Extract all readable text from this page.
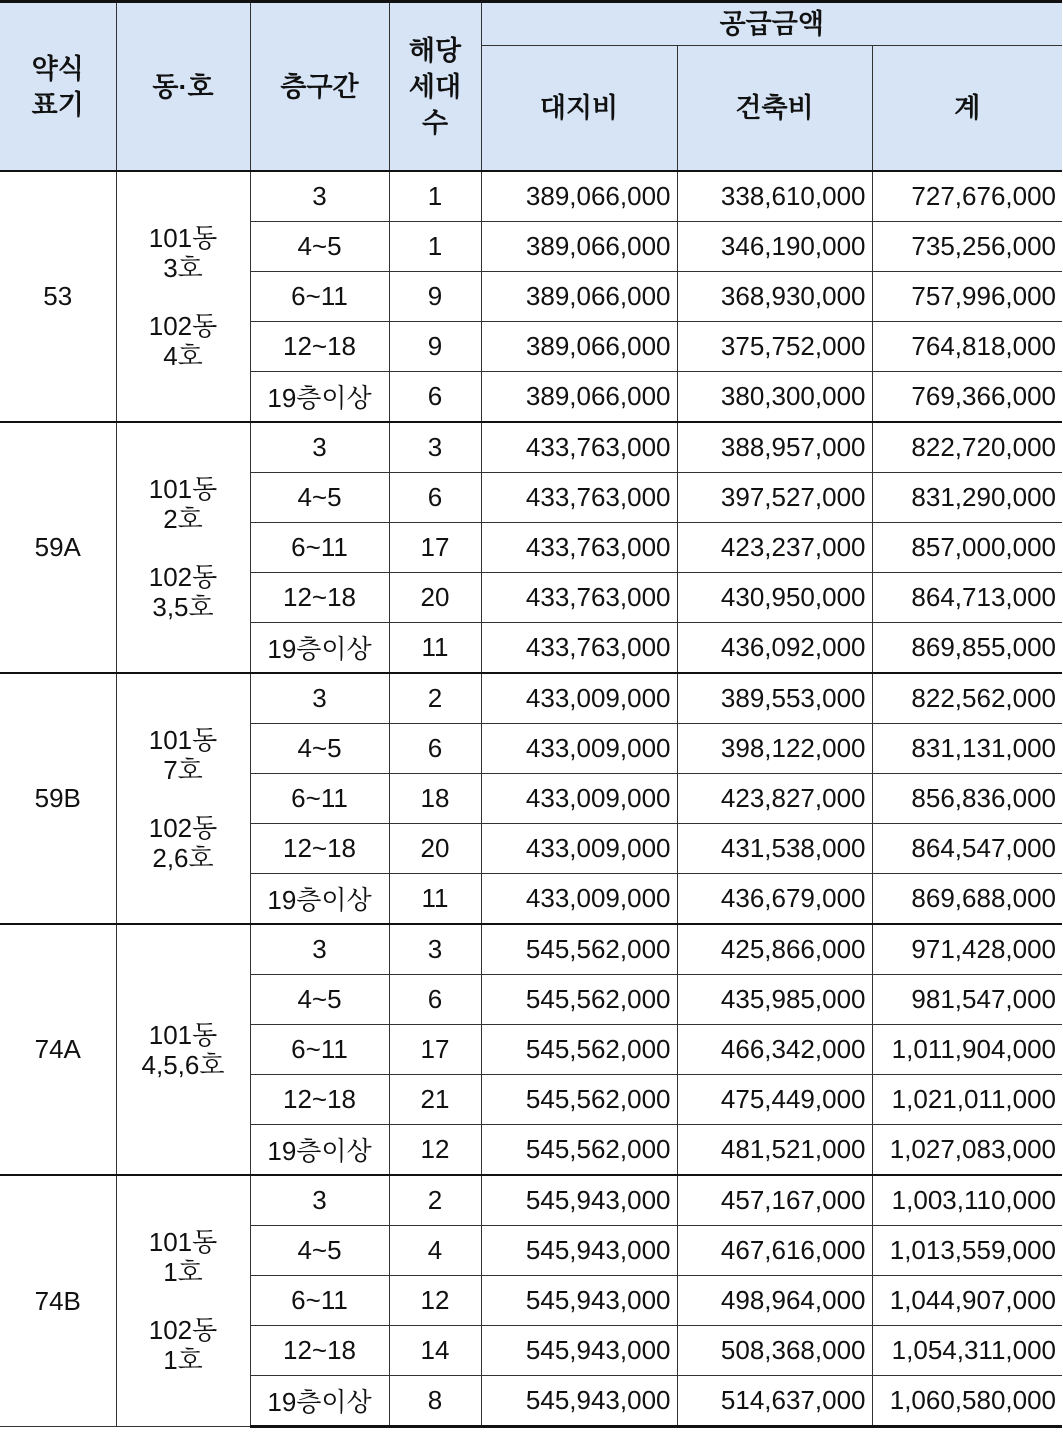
약식
표기	동·호	층구간	해당
세대
수	공급금액		
				대지비	건축비	계
53	101동
3호
102동
4호	3	1	389,066,000	338,610,000	727,676,000
		4~5	1	389,066,000	346,190,000	735,256,000
		6~11	9	389,066,000	368,930,000	757,996,000
		12~18	9	389,066,000	375,752,000	764,818,000
		19층이상	6	389,066,000	380,300,000	769,366,000
59A	101동
2호
102동
3,5호	3	3	433,763,000	388,957,000	822,720,000
		4~5	6	433,763,000	397,527,000	831,290,000
		6~11	17	433,763,000	423,237,000	857,000,000
		12~18	20	433,763,000	430,950,000	864,713,000
		19층이상	11	433,763,000	436,092,000	869,855,000
59B	101동
7호
102동
2,6호	3	2	433,009,000	389,553,000	822,562,000
		4~5	6	433,009,000	398,122,000	831,131,000
		6~11	18	433,009,000	423,827,000	856,836,000
		12~18	20	433,009,000	431,538,000	864,547,000
		19층이상	11	433,009,000	436,679,000	869,688,000
74A	101동
4,5,6호	3	3	545,562,000	425,866,000	971,428,000
		4~5	6	545,562,000	435,985,000	981,547,000
		6~11	17	545,562,000	466,342,000	1,011,904,000
		12~18	21	545,562,000	475,449,000	1,021,011,000
		19층이상	12	545,562,000	481,521,000	1,027,083,000
74B	101동
1호
102동
1호	3	2	545,943,000	457,167,000	1,003,110,000
		4~5	4	545,943,000	467,616,000	1,013,559,000
		6~11	12	545,943,000	498,964,000	1,044,907,000
		12~18	14	545,943,000	508,368,000	1,054,311,000
		19층이상	8	545,943,000	514,637,000	1,060,580,000
